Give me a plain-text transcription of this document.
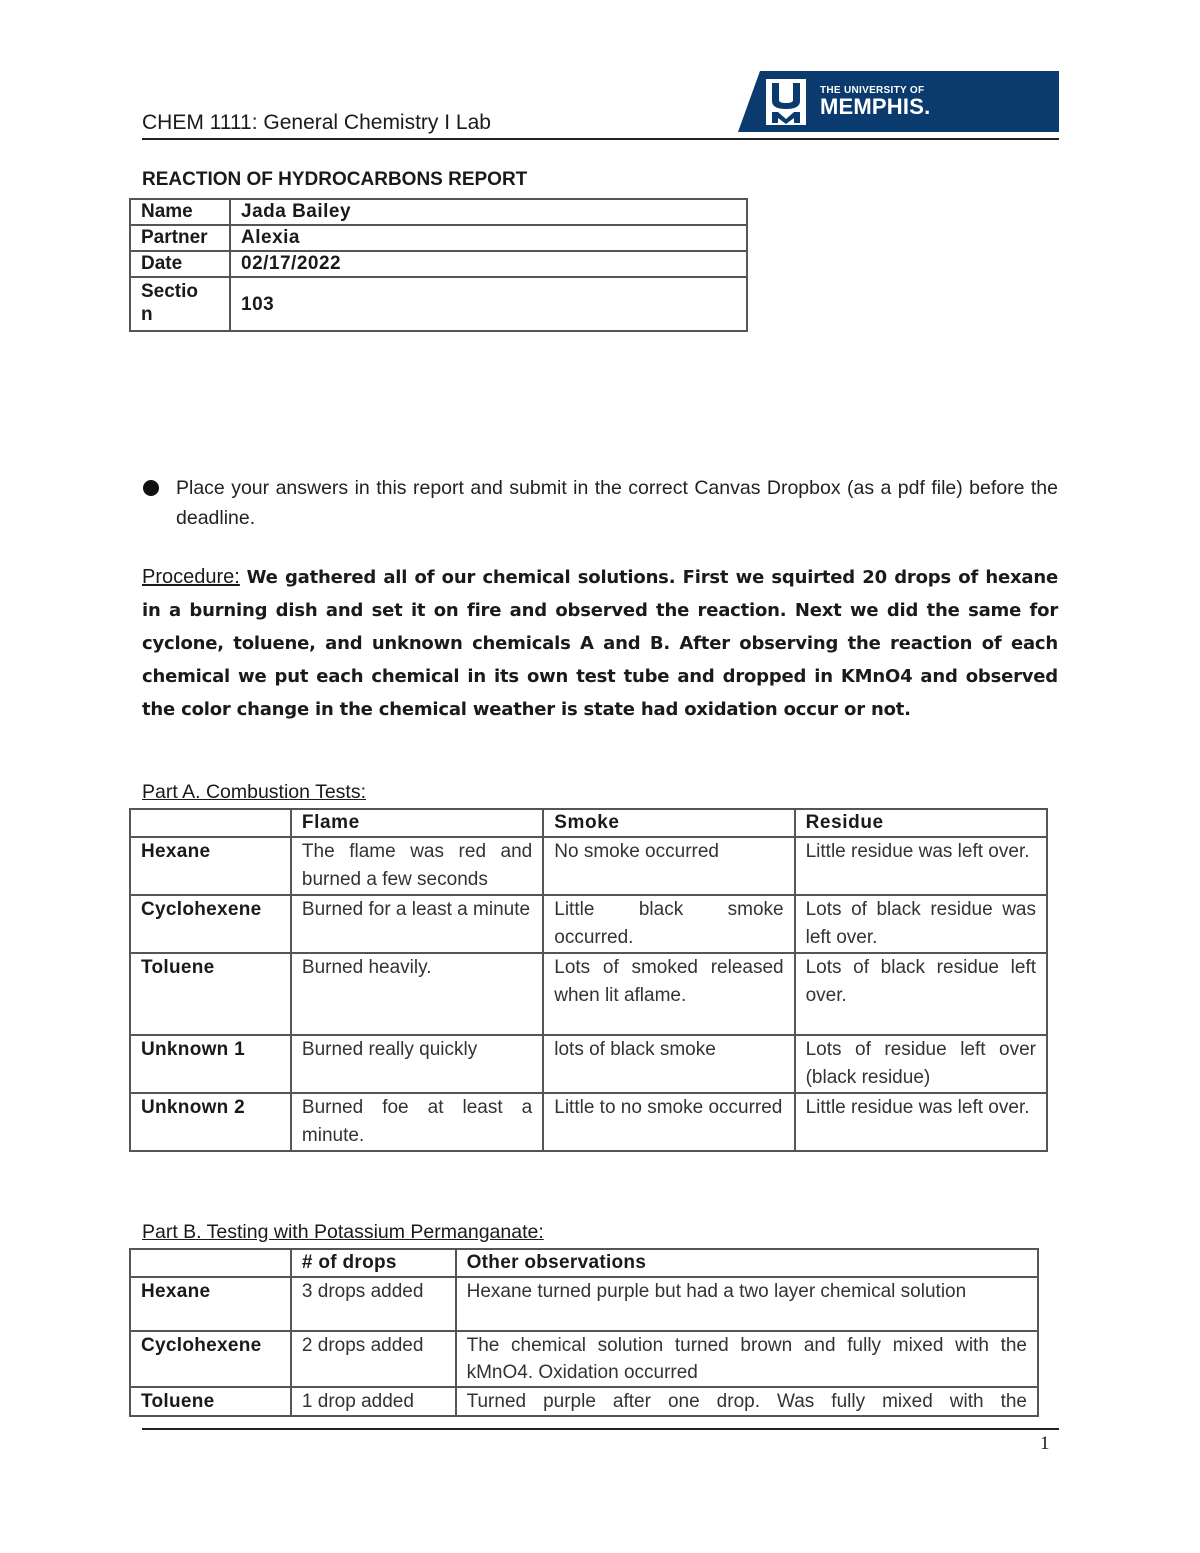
CHEM 1111: General Chemistry I Lab
THE UNIVERSITY OF
MEMPHIS.
REACTION OF HYDROCARBONS REPORT
Name	Jada Bailey
Partner	Alexia
Date	02/17/2022

Sectio
n	103
Place your answers in this report and submit in the correct Canvas Dropbox (as a pdf file) before the deadline.
Procedure: We gathered all of our chemical solutions. First we squirted 20 drops of hexane in a burning dish and set it on fire and observed the reaction. Next we did the same for cyclone, toluene, and unknown chemicals A and B. After observing the reaction of each chemical we put each chemical in its own test tube and dropped in KMnO4 and observed the color change in the chemical weather is state had oxidation occur or not.
Part A. Combustion Tests:
	Flame	Smoke	Residue
Hexane	The flame was red and burned a few seconds	No smoke occurred	Little residue was left over.
Cyclohexene	Burned for a least a minute	Little black smoke occurred.	Lots of black residue was left over.
Toluene	Burned heavily.	Lots of smoked released when lit aflame.	Lots of black residue left over.
Unknown 1	Burned really quickly	lots of black smoke	Lots of residue left over (black residue)
Unknown 2	Burned foe at least a minute.	Little to no smoke occurred	Little residue was left over.
Part B. Testing with Potassium Permanganate:
	# of drops	Other observations
Hexane	3 drops added	Hexane turned purple but had a two layer chemical solution
Cyclohexene	2 drops added	The chemical solution turned brown and fully mixed with the kMnO4. Oxidation occurred
Toluene	1 drop added	Turned purple after one drop. Was fully mixed with the
1
